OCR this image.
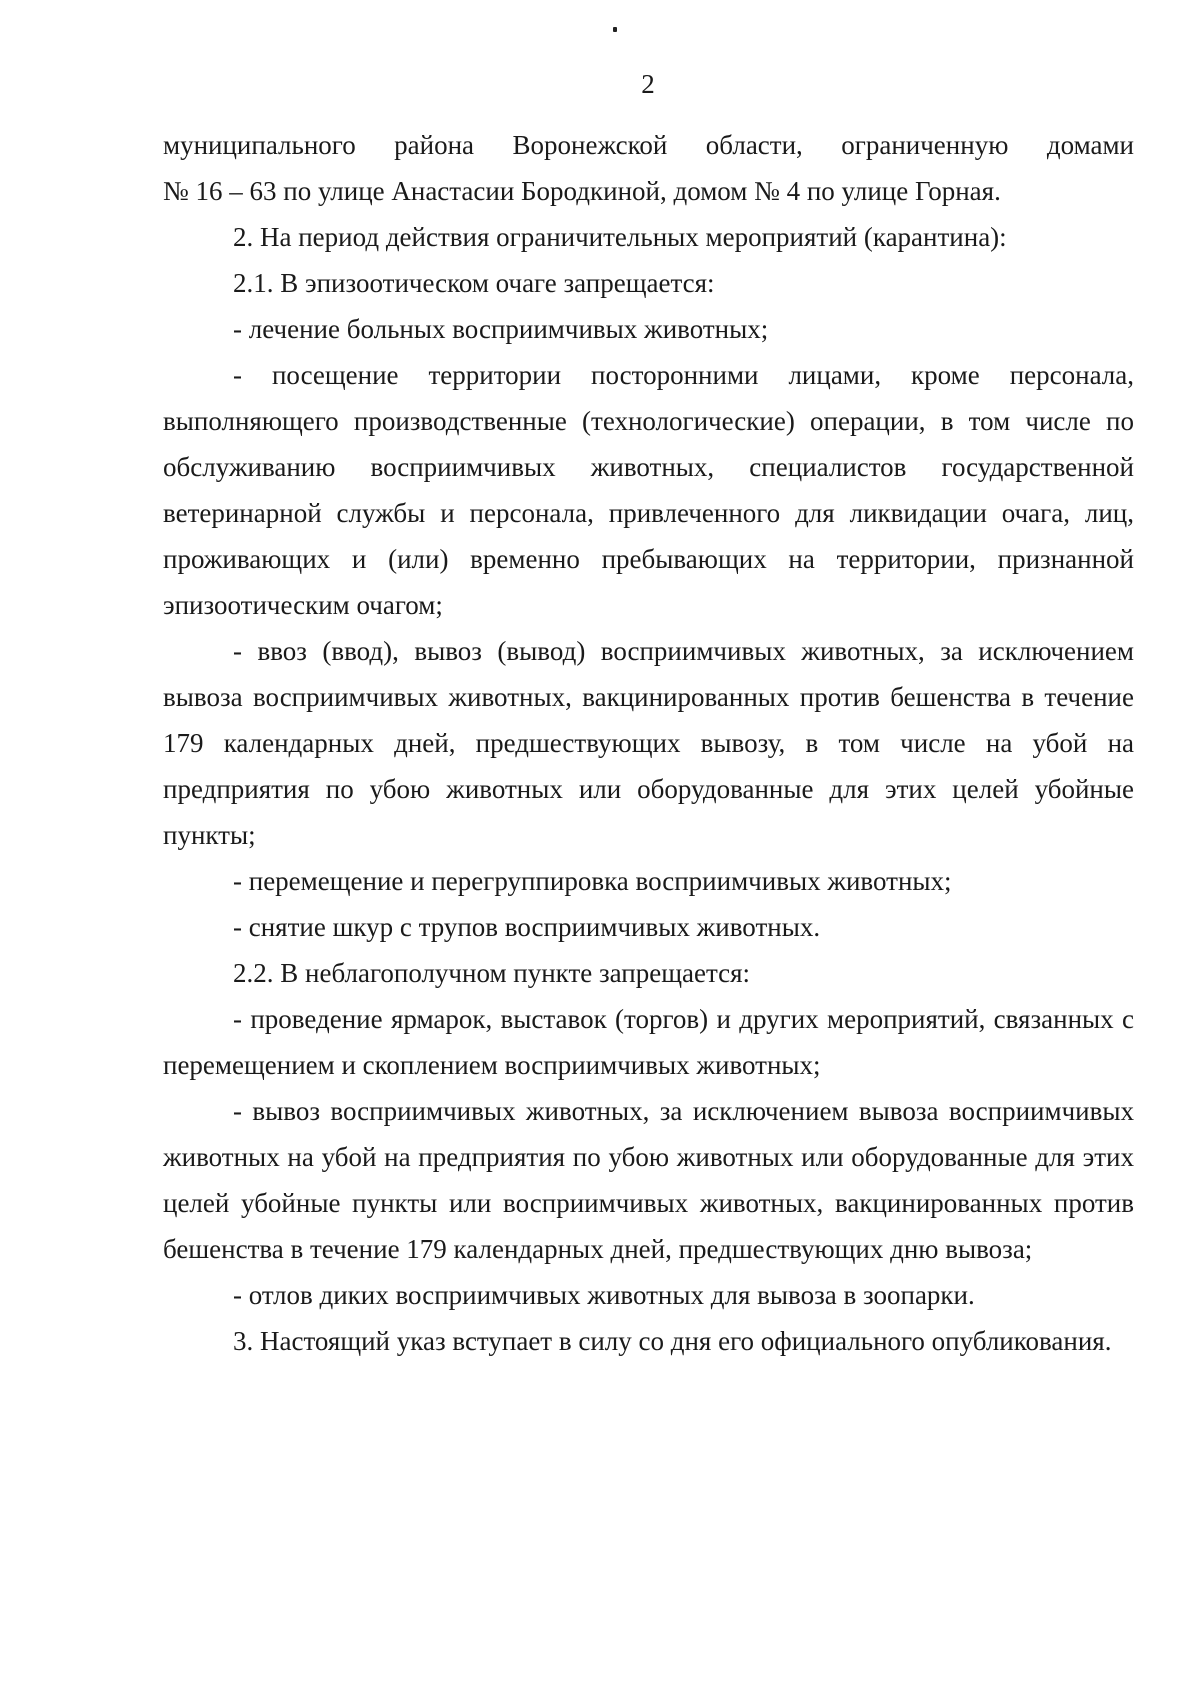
2
муниципального района Воронежской области, ограниченную домами
№ 16 – 63 по улице Анастасии Бородкиной, домом № 4 по улице Горная.

2. На период действия ограничительных мероприятий (карантина):

2.1. В эпизоотическом очаге запрещается:

- лечение больных восприимчивых животных;

- посещение территории посторонними лицами, кроме персонала, выполняющего производственные (технологические) операции, в том числе по обслуживанию восприимчивых животных, специалистов государственной ветеринарной службы и персонала, привлеченного для ликвидации очага, лиц, проживающих и (или) временно пребывающих на территории, признанной эпизоотическим очагом;

- ввоз (ввод), вывоз (вывод) восприимчивых животных, за исключением вывоза восприимчивых животных, вакцинированных против бешенства в течение 179 календарных дней, предшествующих вывозу, в том числе на убой на предприятия по убою животных или оборудованные для этих целей убойные пункты;

- перемещение и перегруппировка восприимчивых животных;

- снятие шкур с трупов восприимчивых животных.

2.2. В неблагополучном пункте запрещается:

- проведение ярмарок, выставок (торгов) и других мероприятий, связанных с перемещением и скоплением восприимчивых животных;

- вывоз восприимчивых животных, за исключением вывоза восприимчивых животных на убой на предприятия по убою животных или оборудованные для этих целей убойные пункты или восприимчивых животных, вакцинированных против бешенства в течение 179 календарных дней, предшествующих дню вывоза;

- отлов диких восприимчивых животных для вывоза в зоопарки.

3. Настоящий указ вступает в силу со дня его официального опубликования.
